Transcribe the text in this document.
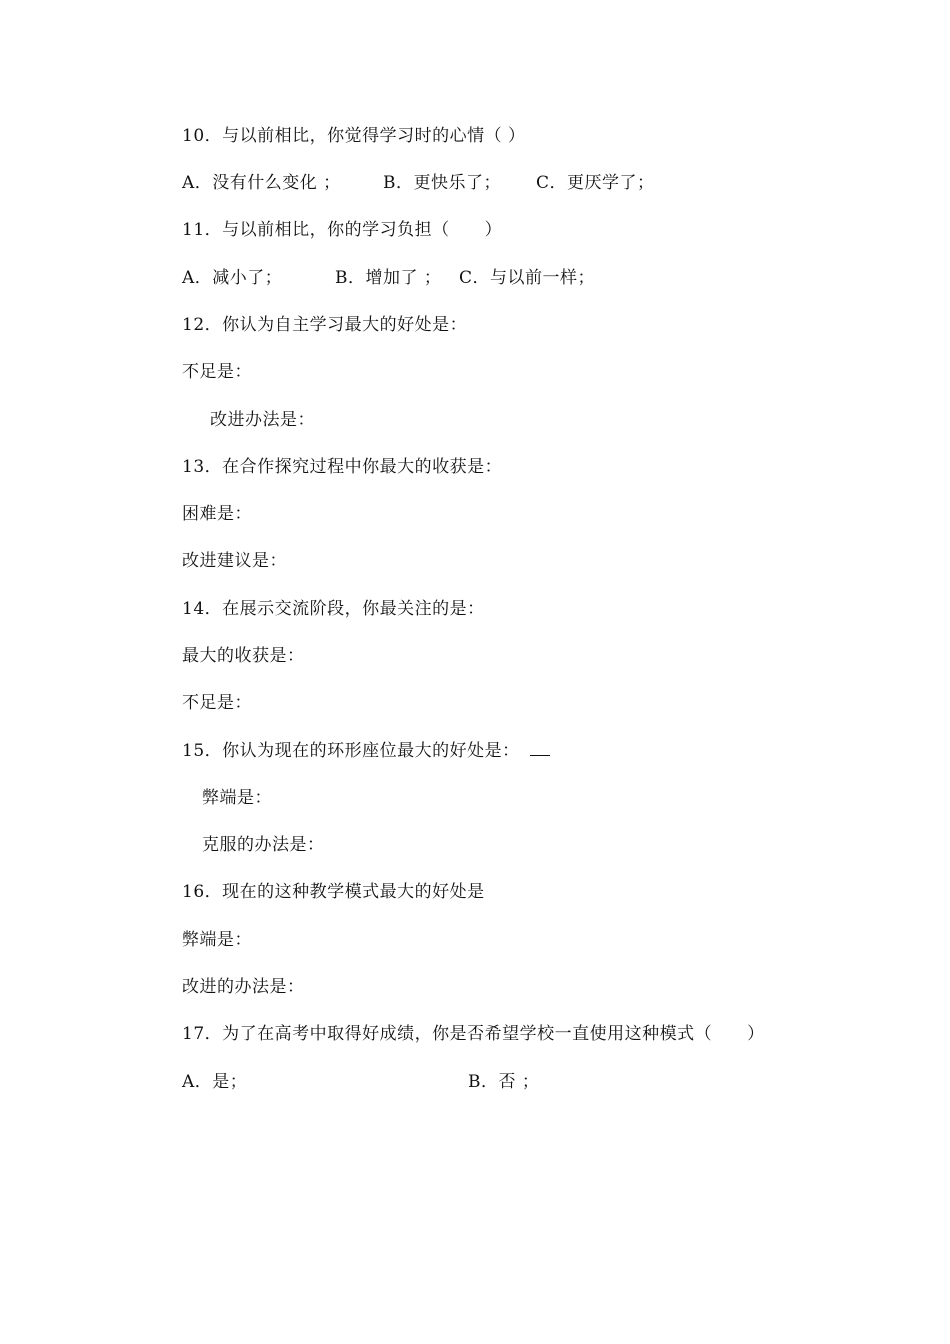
10．与以前相比，你觉得学习时的心情（ ）

A．没有什么变化 ；

B．更快乐了；

C．更厌学了；

11．与以前相比，你的学习负担（　　）

A．减小了；

	B．增加了 ；

C．与以前一样；

12．你认为自主学习最大的好处是：
不足是：
改进办法是：
13．在合作探究过程中你最大的收获是：
困难是：
改进建议是：
14．在展示交流阶段，你最关注的是：
最大的收获是：
不足是：
15．你认为现在的环形座位最大的好处是：
弊端是：
克服的办法是：
16．现在的这种教学模式最大的好处是
弊端是：
改进的办法是：
17．为了在高考中取得好成绩，你是否希望学校一直使用这种模式（　　）

A．是；

	B．否 ；
